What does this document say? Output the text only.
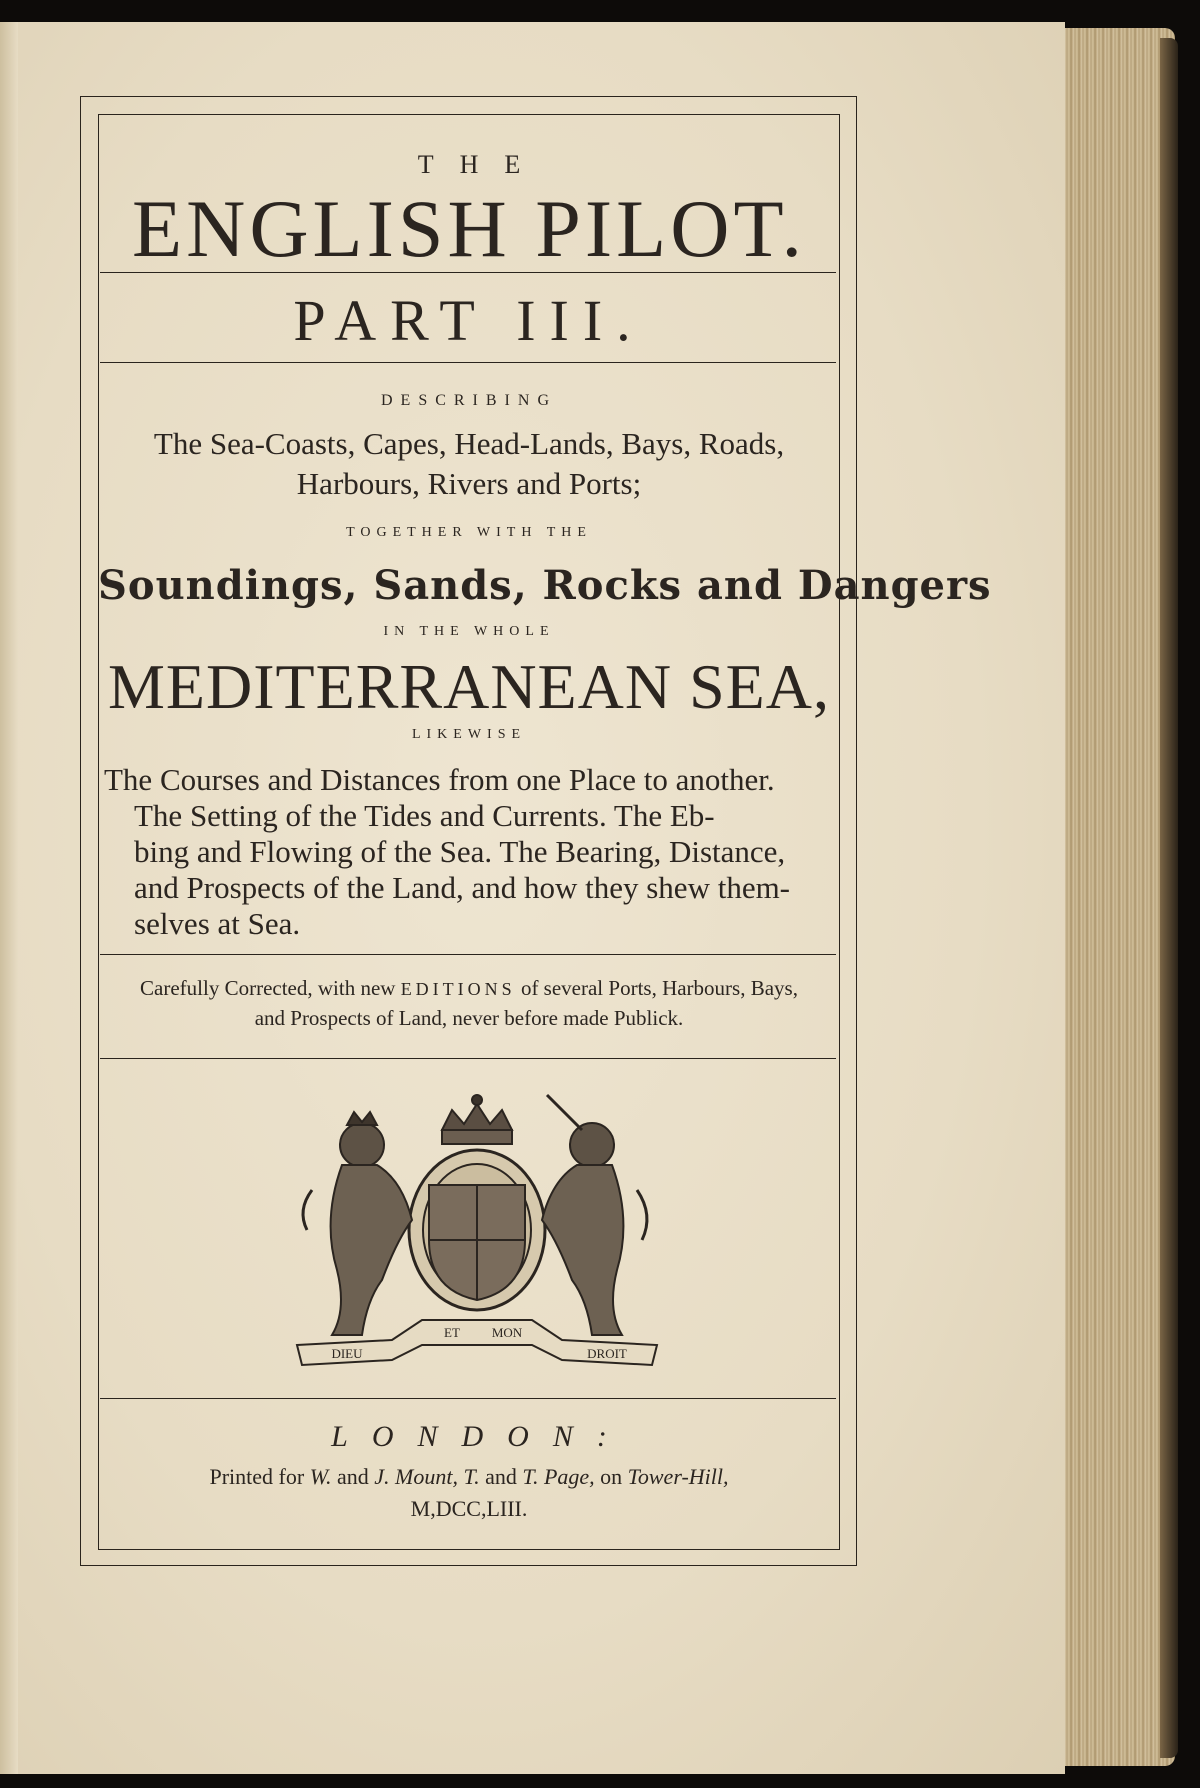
THE

ENGLISH PILOT.

PART III.

DESCRIBING

The Sea-Coasts, Capes, Head-Lands, Bays, Roads,

Harbours, Rivers and Ports;

TOGETHER WITH THE

Soundings, Sands, Rocks and Dangers

IN THE WHOLE

MEDITERRANEAN SEA,

LIKEWISE

The Courses and Distances from one Place to another.
The Setting of the Tides and Currents. The Eb-
bing and Flowing of the Sea. The Bearing, Distance,
and Prospects of the Land, and how they shew them-
selves at Sea.

Carefully Corrected, with new EDITIONS of several Ports, Harbours, Bays,

and Prospects of Land, never before made Publick.

DIEU
ET MON
DROIT

LONDON:

Printed for W. and J. Mount, T. and T. Page, on Tower-Hill,

M,DCC,LIII.
